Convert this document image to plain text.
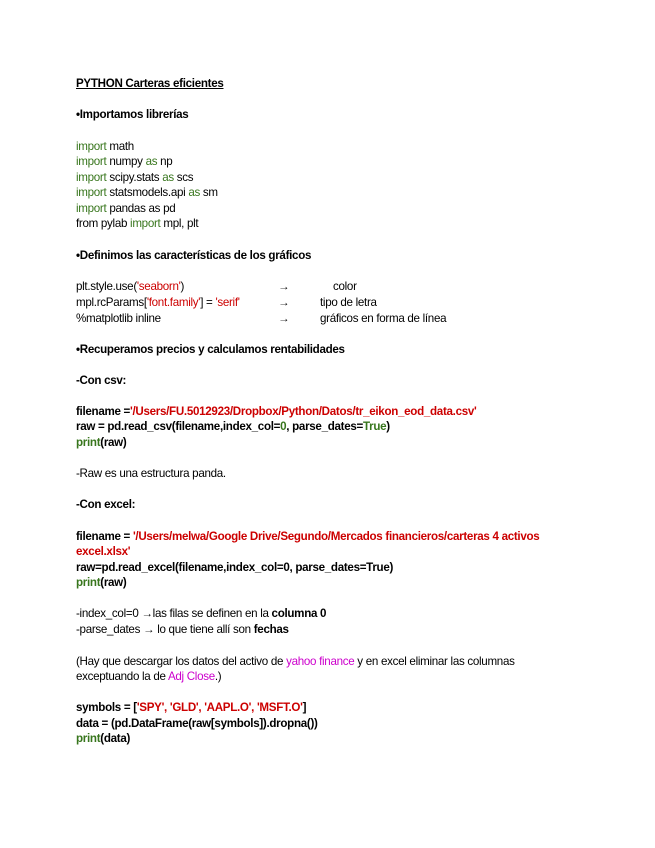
PYTHON Carteras eficientes
•Importamos librerías
import math
import numpy as np
import scipy.stats as scs
import statsmodels.api as sm
import pandas as pd
from pylab import mpl, plt
•Definimos las características de los gráficos
plt.style.use('seaborn')	→	color
mpl.rcParams['font.family'] = 'serif'	→	tipo de letra
%matplotlib inline	→	gráficos en forma de línea
•Recuperamos precios y calculamos rentabilidades
-Con csv:
filename ='/Users/FU.5012923/Dropbox/Python/Datos/tr_eikon_eod_data.csv'
raw = pd.read_csv(filename,index_col=0, parse_dates=True)
print(raw)
-Raw es una estructura panda.
-Con excel:
filename = '/Users/melwa/Google Drive/Segundo/Mercados financieros/carteras 4 activos
excel.xlsx'
raw=pd.read_excel(filename,index_col=0, parse_dates=True)
print(raw)
-index_col=0 →las filas se definen en la columna 0
-parse_dates → lo que tiene allí son fechas
(Hay que descargar los datos del activo de yahoo finance y en excel eliminar las columnas
exceptuando la de Adj Close.)
symbols = ['SPY', 'GLD', 'AAPL.O', 'MSFT.O']
data = (pd.DataFrame(raw[symbols]).dropna())
print(data)
